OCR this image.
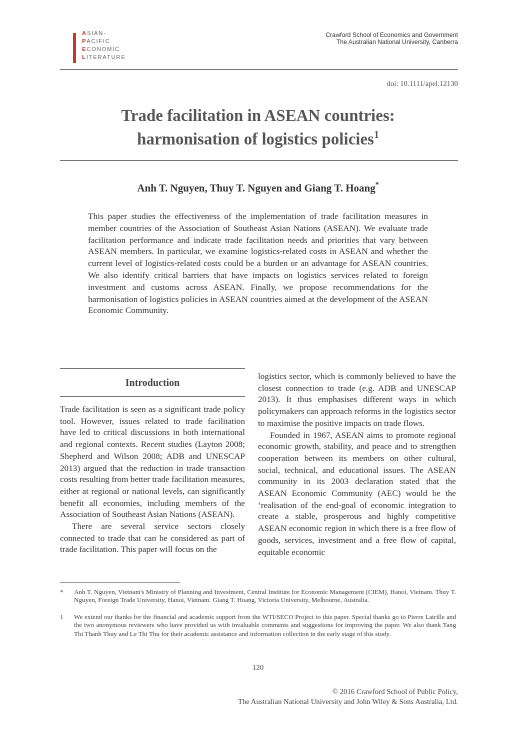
ASIAN-
PACIFIC
ECONOMIC
LITERATURE
Crawford School of Economics and Government
The Australian National University, Canberra
doi: 10.1111/apel.12130
Trade facilitation in ASEAN countries:
harmonisation of logistics policies$^1$
Anh T. Nguyen, Thuy T. Nguyen and Giang T. Hoang*
This paper studies the effectiveness of the implementation of trade facilitation measures in member countries of the Association of Southeast Asian Nations (ASEAN). We evaluate trade facilitation performance and indicate trade facilitation needs and priorities that vary between ASEAN members. In particular, we examine logistics-related costs in ASEAN and whether the current level of logistics-related costs could be a burden or an advantage for ASEAN countries. We also identify critical barriers that have impacts on logistics services related to foreign investment and customs across ASEAN. Finally, we propose recommendations for the harmonisation of logistics policies in ASEAN countries aimed at the development of the ASEAN Economic Community.
Introduction

Trade facilitation is seen as a significant trade policy tool. However, issues related to trade facilitation have led to critical discussions in both international and regional contexts. Recent studies (Layton 2008; Shepherd and Wilson 2008; ADB and UNESCAP 2013) argued that the reduction in trade transaction costs resulting from better trade facilitation measures, either at regional or national levels, can significantly benefit all economies, including members of the Association of Southeast Asian Nations (ASEAN).

There are several service sectors closely connected to trade that can be considered as part of trade facilitation. This paper will focus on the

logistics sector, which is commonly believed to have the closest connection to trade (e.g. ADB and UNESCAP 2013). It thus emphasises different ways in which policymakers can approach reforms in the logistics sector to maximise the positive impacts on trade flows.

Founded in 1967, ASEAN aims to promote regional economic growth, stability, and peace and to strengthen cooperation between its members on other cultural, social, technical, and educational issues. The ASEAN community in its 2003 declaration stated that the ASEAN Economic Community (AEC) would be the ‘realisation of the end-goal of economic integration to create a stable, prosperous and highly competitive ASEAN economic region in which there is a free flow of goods, services, investment and a free flow of capital, equitable economic

* Anh T. Nguyen, Vietnam's Ministry of Planning and Investment, Central Institute for Economic Management (CIEM), Hanoi, Vietnam. Thuy T. Nguyen, Foreign Trade University, Hanoi, Vietnam. Giang T. Hoang, Victoria University, Melbourne, Australia.
1 We extend our thanks for the financial and academic support from the WTI/SECO Project to this paper. Special thanks go to Pierre Latrille and the two anonymous reviewers who have provided us with invaluable comments and suggestions for improving the paper. We also thank Tang Thi Thanh Thuy and Le Thi Thu for their academic assistance and information collection in the early stage of this study.
120
© 2016 Crawford School of Public Policy,
The Australian National University and John Wiley & Sons Australia, Ltd.
